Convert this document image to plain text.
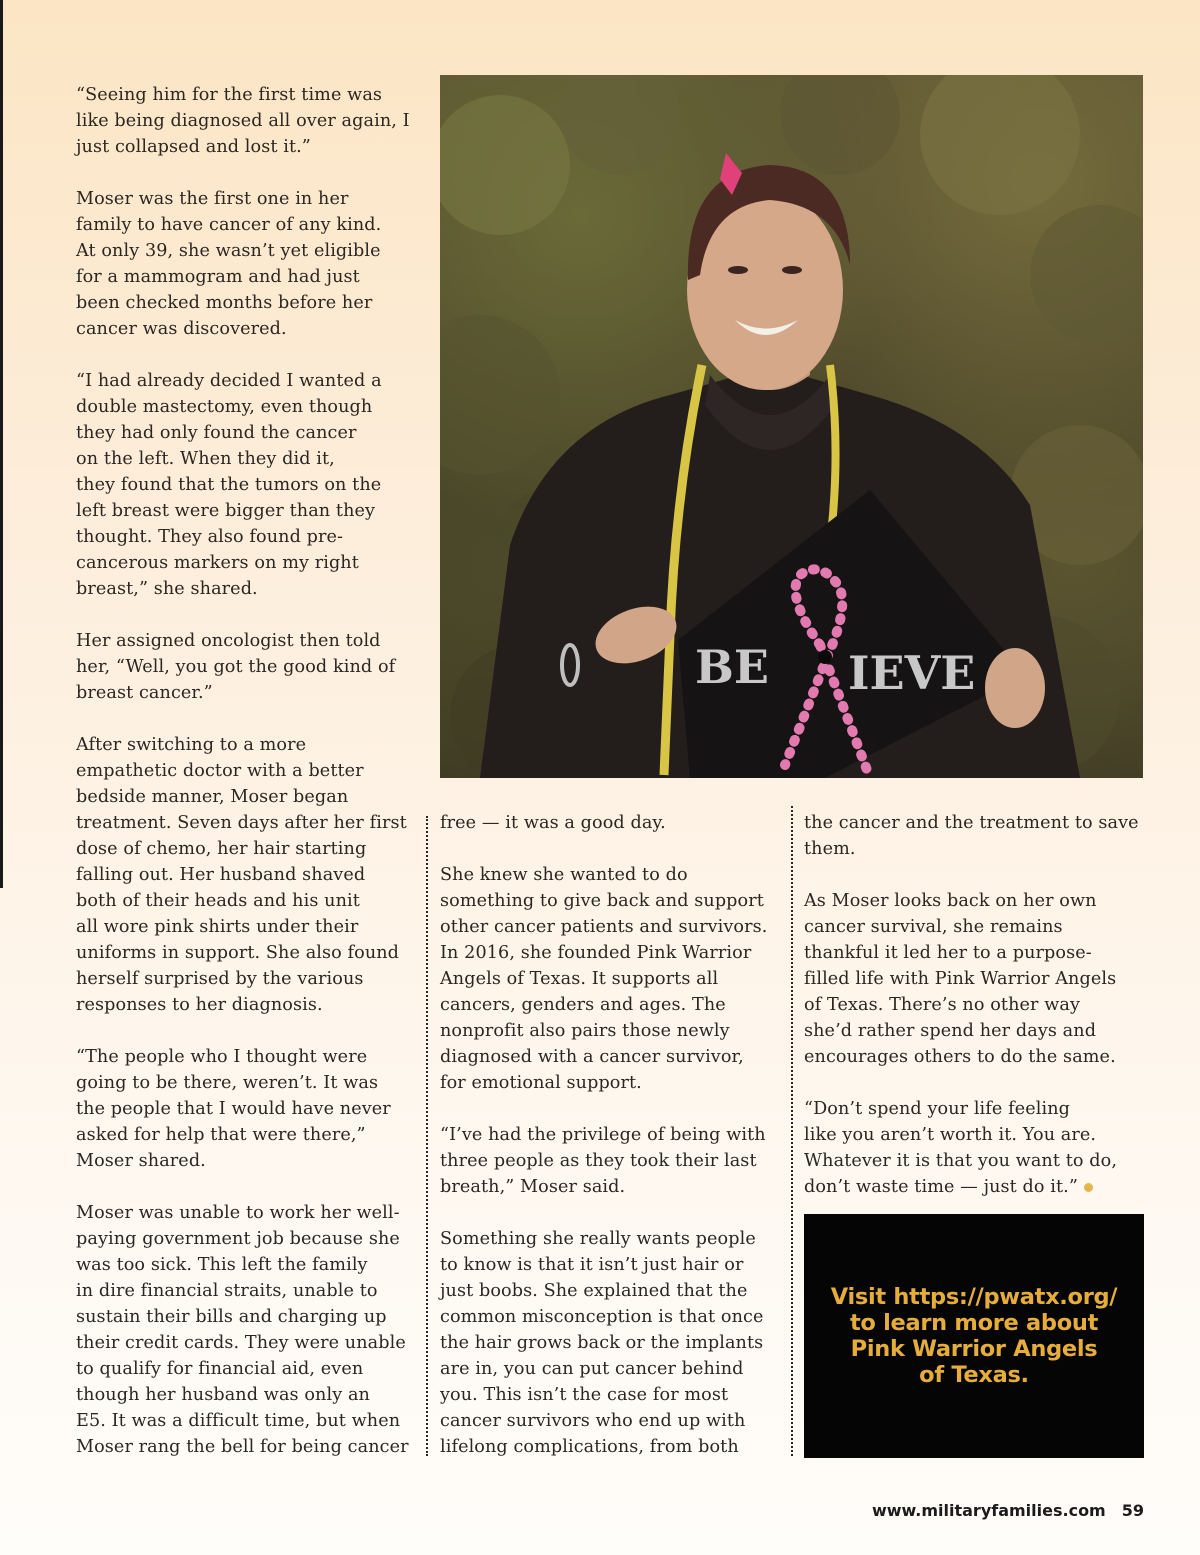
“Seeing him for the first time was
like being diagnosed all over again, I
just collapsed and lost it.”

Moser was the first one in her
family to have cancer of any kind.
At only 39, she wasn’t yet eligible
for a mammogram and had just
been checked months before her
cancer was discovered.

“I had already decided I wanted a
double mastectomy, even though
they had only found the cancer
on the left. When they did it,
they found that the tumors on the
left breast were bigger than they
thought. They also found pre-
cancerous markers on my right
breast,” she shared.

Her assigned oncologist then told
her, “Well, you got the good kind of
breast cancer.”

After switching to a more
empathetic doctor with a better
bedside manner, Moser began
treatment. Seven days after her first
dose of chemo, her hair starting
falling out. Her husband shaved
both of their heads and his unit
all wore pink shirts under their
uniforms in support. She also found
herself surprised by the various
responses to her diagnosis.

“The people who I thought were
going to be there, weren’t. It was
the people that I would have never
asked for help that were there,”
Moser shared.

Moser was unable to work her well-
paying government job because she
was too sick. This left the family
in dire financial straits, unable to
sustain their bills and charging up
their credit cards. They were unable
to qualify for financial aid, even
though her husband was only an
E5. It was a difficult time, but when
Moser rang the bell for being cancer

BE IEVE

free — it was a good day.

She knew she wanted to do
something to give back and support
other cancer patients and survivors.
In 2016, she founded Pink Warrior
Angels of Texas. It supports all
cancers, genders and ages. The
nonprofit also pairs those newly
diagnosed with a cancer survivor,
for emotional support.

“I’ve had the privilege of being with
three people as they took their last
breath,” Moser said.

Something she really wants people
to know is that it isn’t just hair or
just boobs. She explained that the
common misconception is that once
the hair grows back or the implants
are in, you can put cancer behind
you. This isn’t the case for most
cancer survivors who end up with
lifelong complications, from both

the cancer and the treatment to save
them.

As Moser looks back on her own
cancer survival, she remains
thankful it led her to a purpose-
filled life with Pink Warrior Angels
of Texas. There’s no other way
she’d rather spend her days and
encourages others to do the same.

“Don’t spend your life feeling
like you aren’t worth it. You are.
Whatever it is that you want to do,
don’t waste time — just do it.”

Visit https://pwatx.org/
to learn more about
Pink Warrior Angels
of Texas.
www.militaryfamilies.com 59
